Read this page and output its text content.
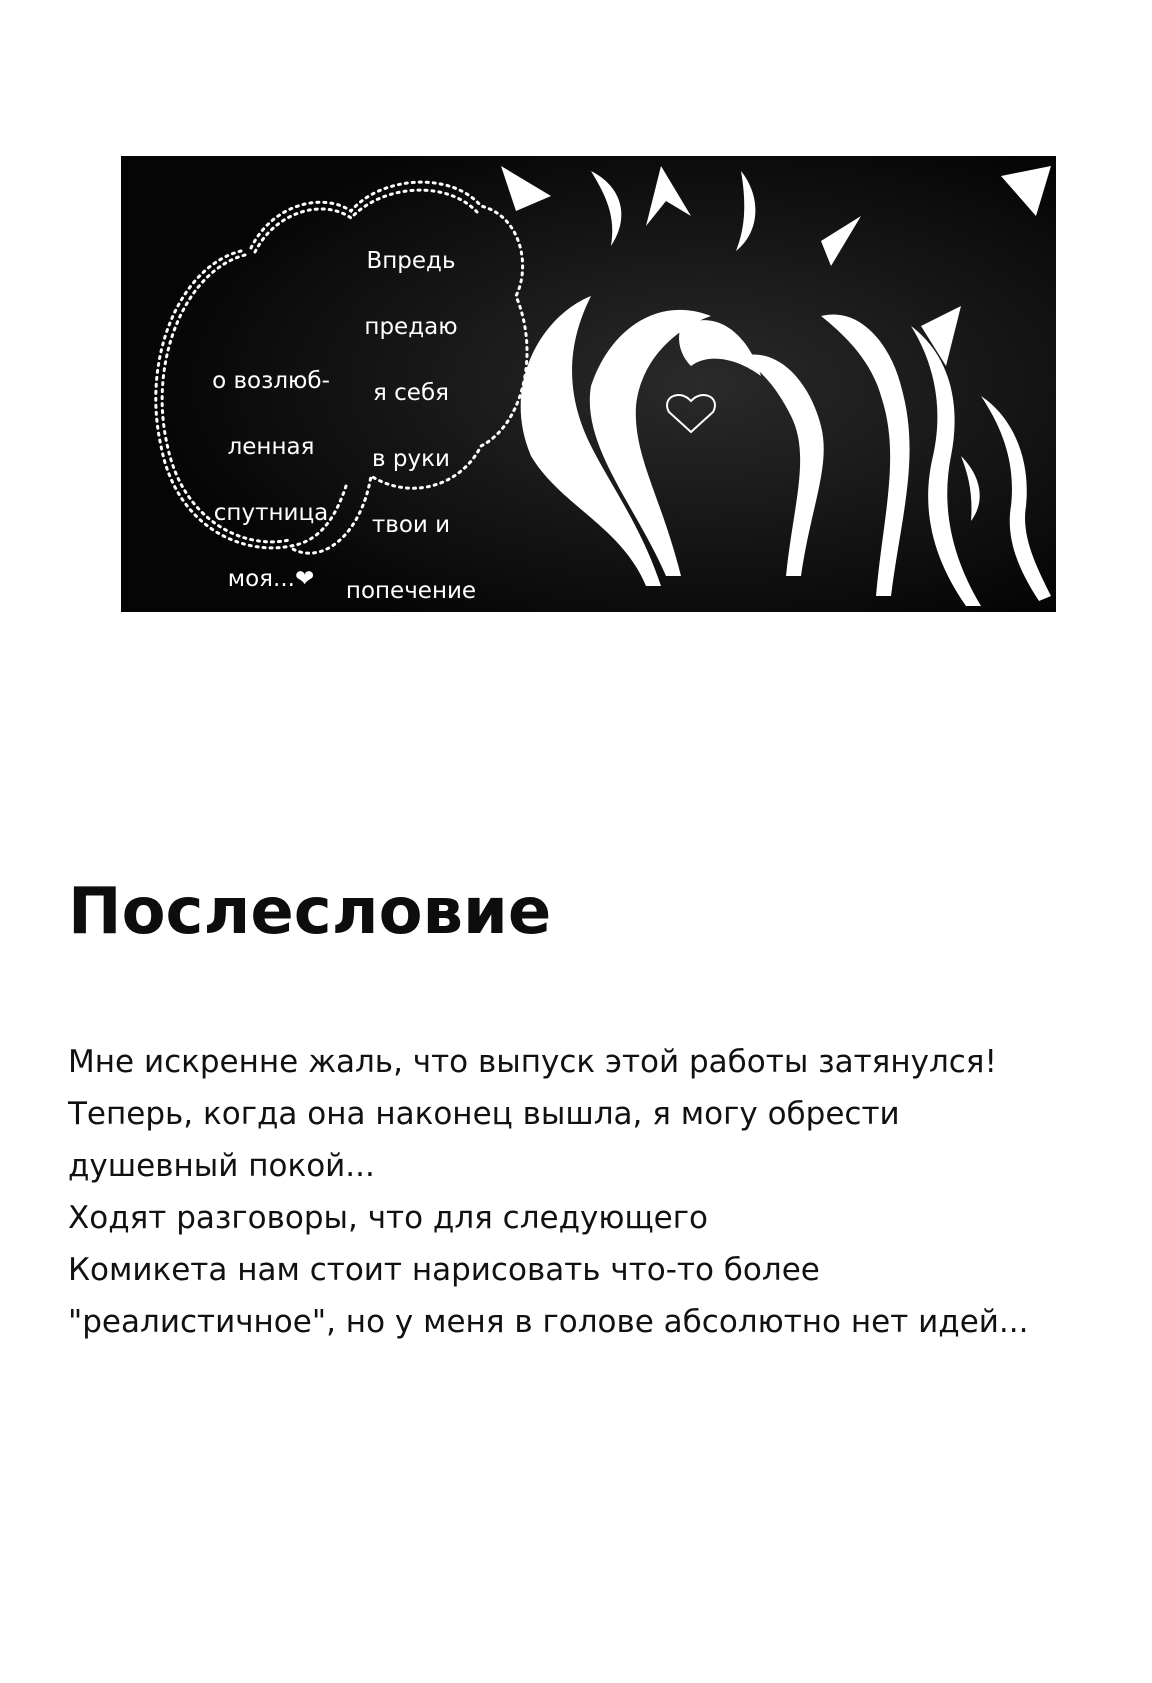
о возлюб-

ленная

спутница

моя...❤

Впредь

предаю

я себя

в руки

твои и

попечение

твоё

Послесловие
Мне искренне жаль, что выпуск этой работы затянулся!
Теперь, когда она наконец вышла, я могу обрести
душевный покой...
Ходят разговоры, что для следующего
Комикета нам стоит нарисовать что-то более
"реалистичное", но у меня в голове абсолютно нет идей...
